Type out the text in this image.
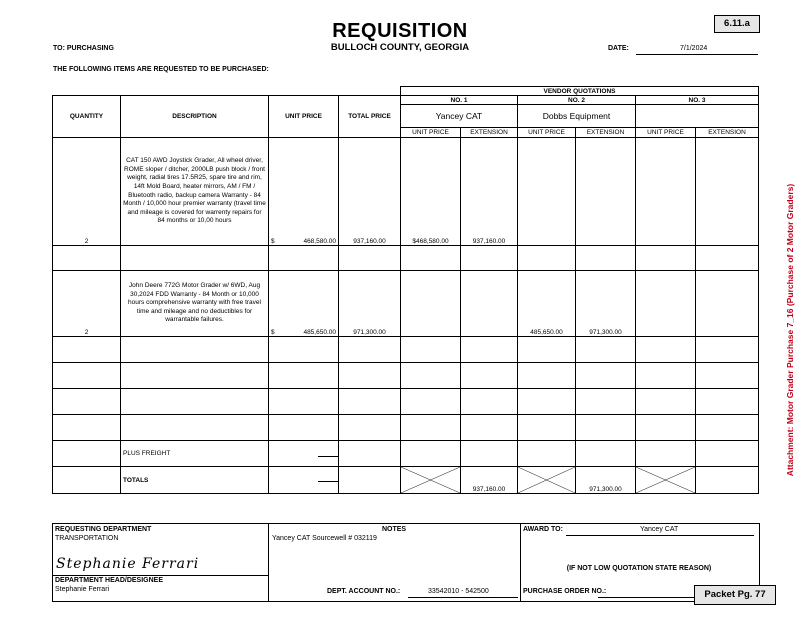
REQUISITION
BULLOCH COUNTY, GEORGIA
6.11.a
TO: PURCHASING	DATE:	7/1/2024
THE FOLLOWING ITEMS ARE REQUESTED TO BE PURCHASED:
				VENDOR QUOTATIONS					
QUANTITY	DESCRIPTION	UNIT PRICE	TOTAL PRICE	NO. 1		NO. 2		NO. 3	
				Yancey CAT		Dobbs Equipment			
				UNIT PRICE	EXTENSION	UNIT PRICE	EXTENSION	UNIT PRICE	EXTENSION
2	CAT 150 AWD Joystick Grader, All wheel driver, ROME sloper / ditcher, 2000LB push block / front weight, radial tires 17.5R25, spare tire and rim, 14ft Mold Board, heater mirrors, AM / FM / Bluetooth radio, backup camera Warranty - 84 Month / 10,000 hour premier warranty (travel time and mileage is covered for warrenty repairs for 84 months or 10,00 hours	$ 468,580.00	937,160.00	$468,580.00	937,160.00				

2	John Deere 772G Motor Grader w/ 6WD, Aug 30,2024 FDD Warranty - 84 Month or 10,000 hours comprehensive warranty with free travel time and mileage and no deductibles for warrantable failures.	$ 485,650.00	971,300.00			485,650.00	971,300.00		

	PLUS FREIGHT								
	TOTALS				937,160.00		971,300.00	

REQUESTING DEPARTMENT
TRANSPORTATION
Stephanie Ferrari
DEPARTMENT HEAD/DESIGNEE
Stephanie Ferrari
NOTES
Yancey CAT Sourcewell # 032119
DEPT. ACCOUNT NO.:	33542010 - 542500
AWARD TO:	Yancey CAT
(IF NOT LOW QUOTATION STATE REASON)
PURCHASE ORDER NO.:	Packet Pg. 77
Attachment: Motor Grader Purchase 7_16 (Purchase of 2 Motor Graders)
